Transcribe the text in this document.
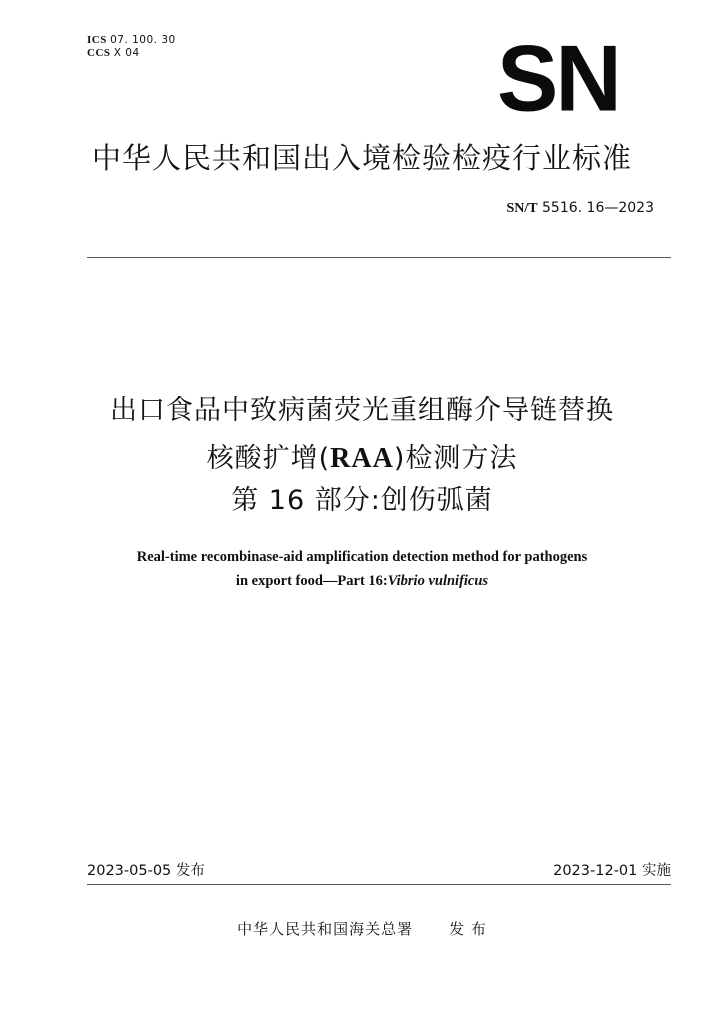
ICS 07. 100. 30
CCS X 04	SN
中华人民共和国出入境检验检疫行业标准
SN/T 5516. 16—2023
出口食品中致病菌荧光重组酶介导链替换
核酸扩增(RAA)检测方法
第 16 部分:创伤弧菌
Real-time recombinase-aid amplification detection method for pathogens
in export food—Part 16:Vibrio vulnificus
2023-05-05 发布	2023-12-01 实施
中华人民共和国海关总署 发 布
